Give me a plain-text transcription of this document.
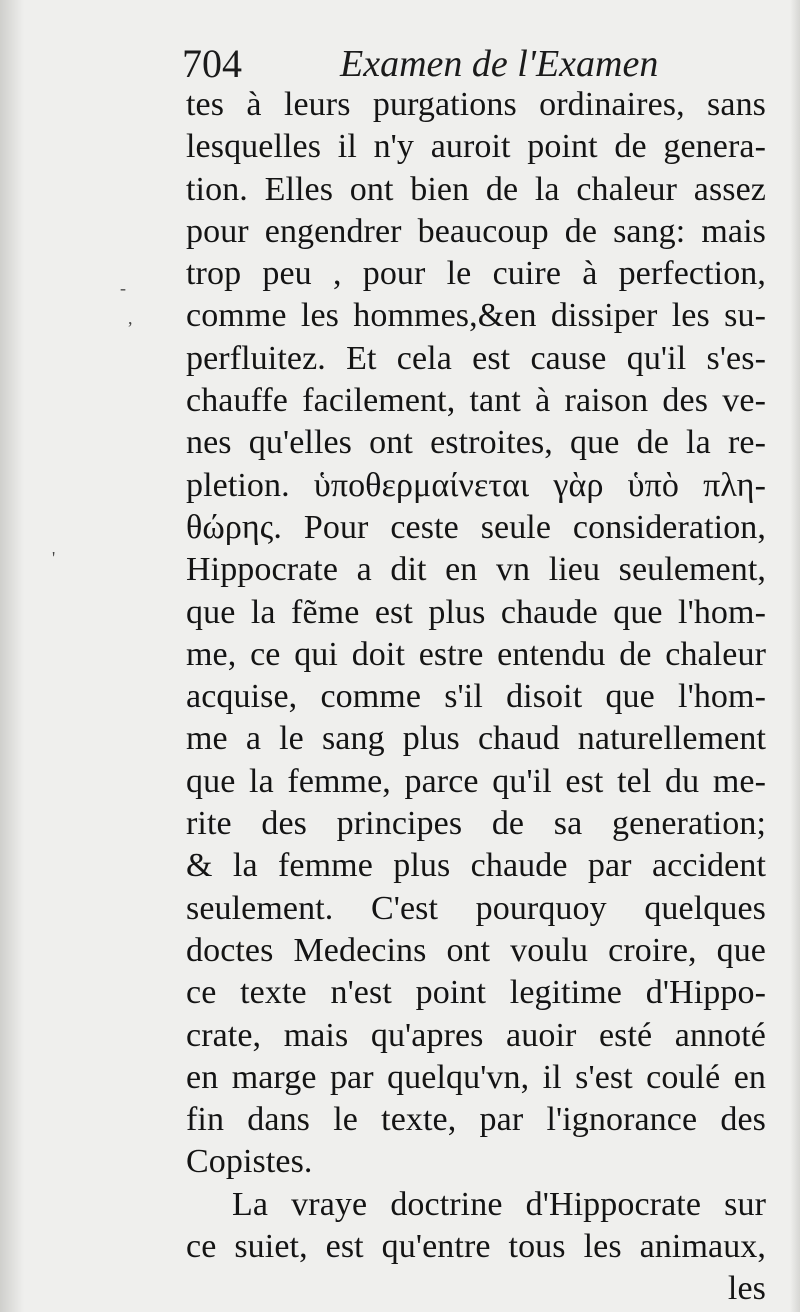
704	Examen de l'Examen
-
,
'
tes à leurs purgations ordinaires, sans
lesquelles il n'y auroit point de genera-
tion. Elles ont bien de la chaleur assez
pour engendrer beaucoup de sang: mais
trop peu , pour le cuire à perfection,
comme les hommes,&en dissiper les su-
perfluitez. Et cela est cause qu'il s'es-
chauffe facilement, tant à raison des ve-
nes qu'elles ont estroites, que de la re-
pletion. ὑποθερμαίνεται γὰρ ὑπὸ πλη-
θώρης. Pour ceste seule consideration,
Hippocrate a dit en vn lieu seulement,
que la fẽme est plus chaude que l'hom-
me, ce qui doit estre entendu de chaleur
acquise, comme s'il disoit que l'hom-
me a le sang plus chaud naturellement
que la femme, parce qu'il est tel du me-
rite des principes de sa generation;
& la femme plus chaude par accident
seulement. C'est pourquoy quelques
doctes Medecins ont voulu croire, que
ce texte n'est point legitime d'Hippo-
crate, mais qu'apres auoir esté annoté
en marge par quelqu'vn, il s'est coulé en
fin dans le texte, par l'ignorance des
Copistes.
La vraye doctrine d'Hippocrate sur
ce suiet, est qu'entre tous les animaux,
les
